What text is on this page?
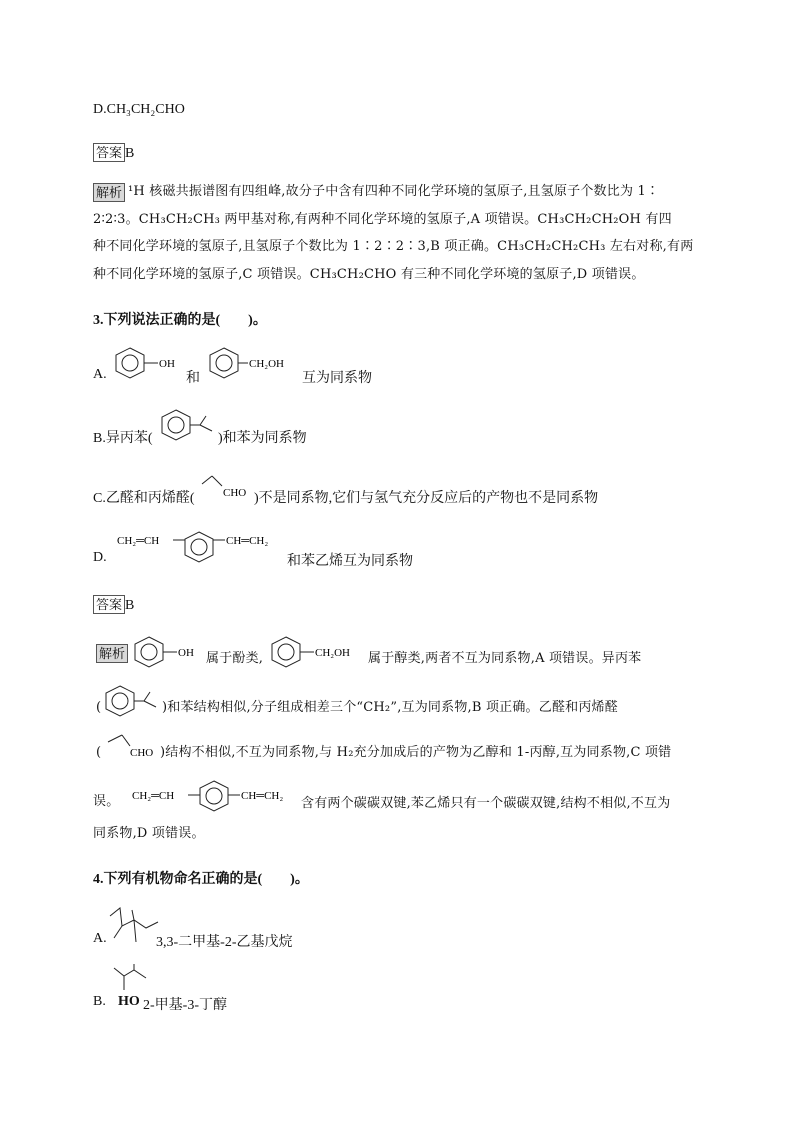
D.CH₃CH₂CHO
答案 B
解析 ¹H 核磁共振谱图有四组峰,故分子中含有四种不同化学环境的氢原子,且氢原子个数比为 1∶
2∶2∶3。CH₃CH₂CH₃ 两甲基对称,有两种不同化学环境的氢原子,A 项错误。CH₃CH₂CH₂OH 有四
种不同化学环境的氢原子,且氢原子个数比为 1∶2∶2∶3,B 项正确。CH₃CH₂CH₂CH₃ 左右对称,有两
种不同化学环境的氢原子,C 项错误。CH₃CH₂CHO 有三种不同化学环境的氢原子,D 项错误。
3.下列说法正确的是(　　)。
A.
OH
和
CH₂OH
互为同系物
B.异丙苯(	)和苯为同系物
C.乙醛和丙烯醛(	CHO )不是同系物,它们与氢气充分反应后的产物也不是同系物
D.
CH₂═CH	CH═CH₂
和苯乙烯互为同系物
答案 B
解析	OH 属于酚类,	CH₂OH 属于醇类,两者不互为同系物,A 项错误。异丙苯
(	)和苯结构相似,分子组成相差三个“CH₂”,互为同系物,B 项正确。乙醛和丙烯醛
(	CHO )结构不相似,不互为同系物,与 H₂充分加成后的产物为乙醇和 1-丙醇,互为同系物,C 项错
误。 CH₂═CH	CH═CH₂ 含有两个碳碳双键,苯乙烯只有一个碳碳双键,结构不相似,不互为
同系物,D 项错误。
4.下列有机物命名正确的是(　　)。
A.	3,3-二甲基-2-乙基戊烷
B. HO 2-甲基-3-丁醇
